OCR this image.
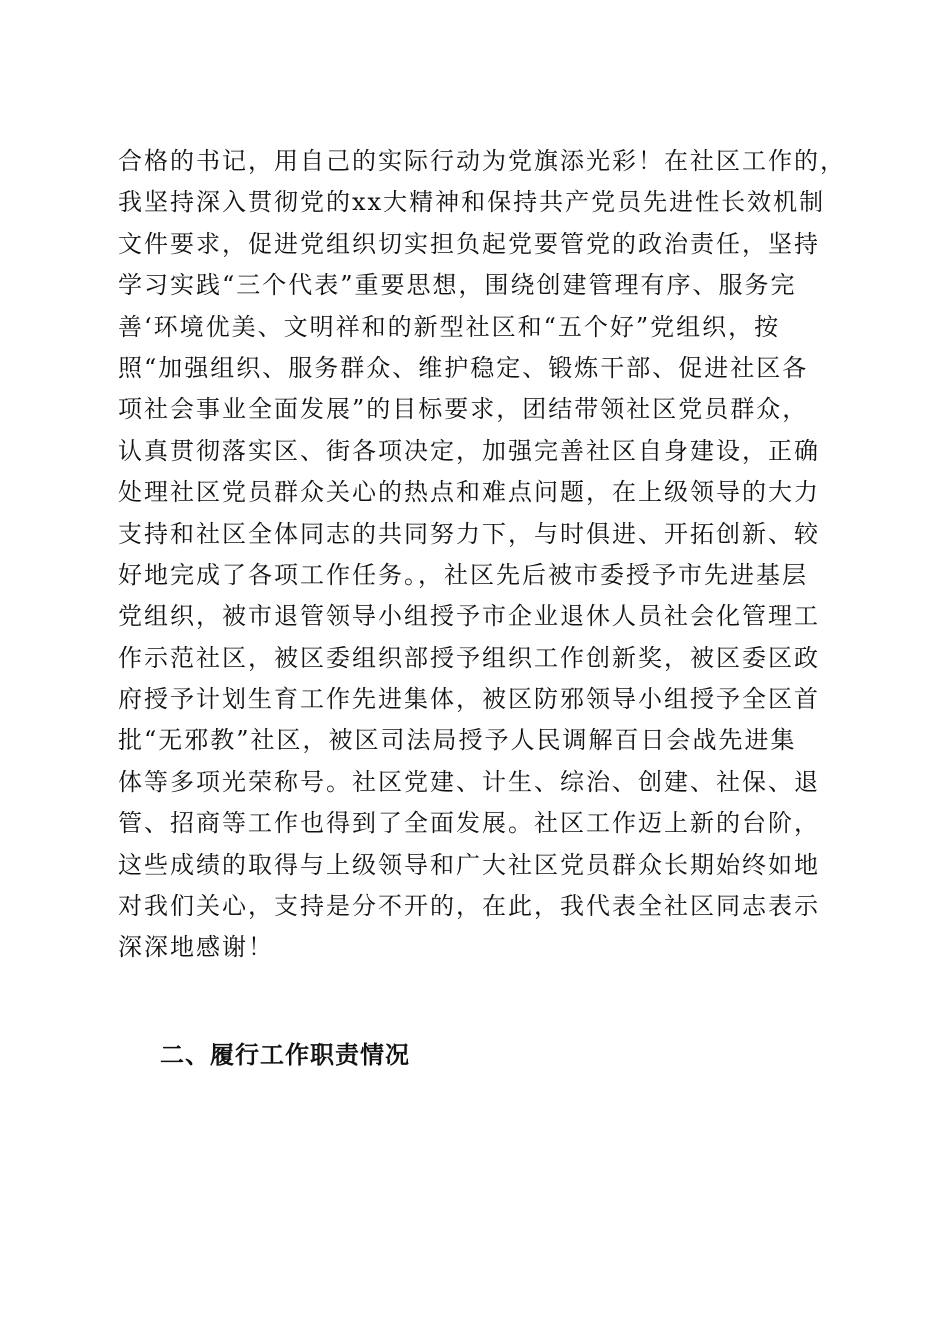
合格的书记，用自己的实际行动为党旗添光彩！在社区工作的，
我坚持深入贯彻党的xx大精神和保持共产党员先进性长效机制
文件要求，促进党组织切实担负起党要管党的政治责任，坚持
学习实践“三个代表”重要思想，围绕创建管理有序、服务完
善‘环境优美、文明祥和的新型社区和“五个好”党组织，按
照“加强组织、服务群众、维护稳定、锻炼干部、促进社区各
项社会事业全面发展”的目标要求，团结带领社区党员群众，
认真贯彻落实区、街各项决定，加强完善社区自身建设，正确
处理社区党员群众关心的热点和难点问题，在上级领导的大力
支持和社区全体同志的共同努力下，与时俱进、开拓创新、较
好地完成了各项工作任务。，社区先后被市委授予市先进基层
党组织，被市退管领导小组授予市企业退休人员社会化管理工
作示范社区，被区委组织部授予组织工作创新奖，被区委区政
府授予计划生育工作先进集体，被区防邪领导小组授予全区首
批“无邪教”社区，被区司法局授予人民调解百日会战先进集
体等多项光荣称号。社区党建、计生、综治、创建、社保、退
管、招商等工作也得到了全面发展。社区工作迈上新的台阶，
这些成绩的取得与上级领导和广大社区党员群众长期始终如地
对我们关心，支持是分不开的，在此，我代表全社区同志表示
深深地感谢！
二、履行工作职责情况
